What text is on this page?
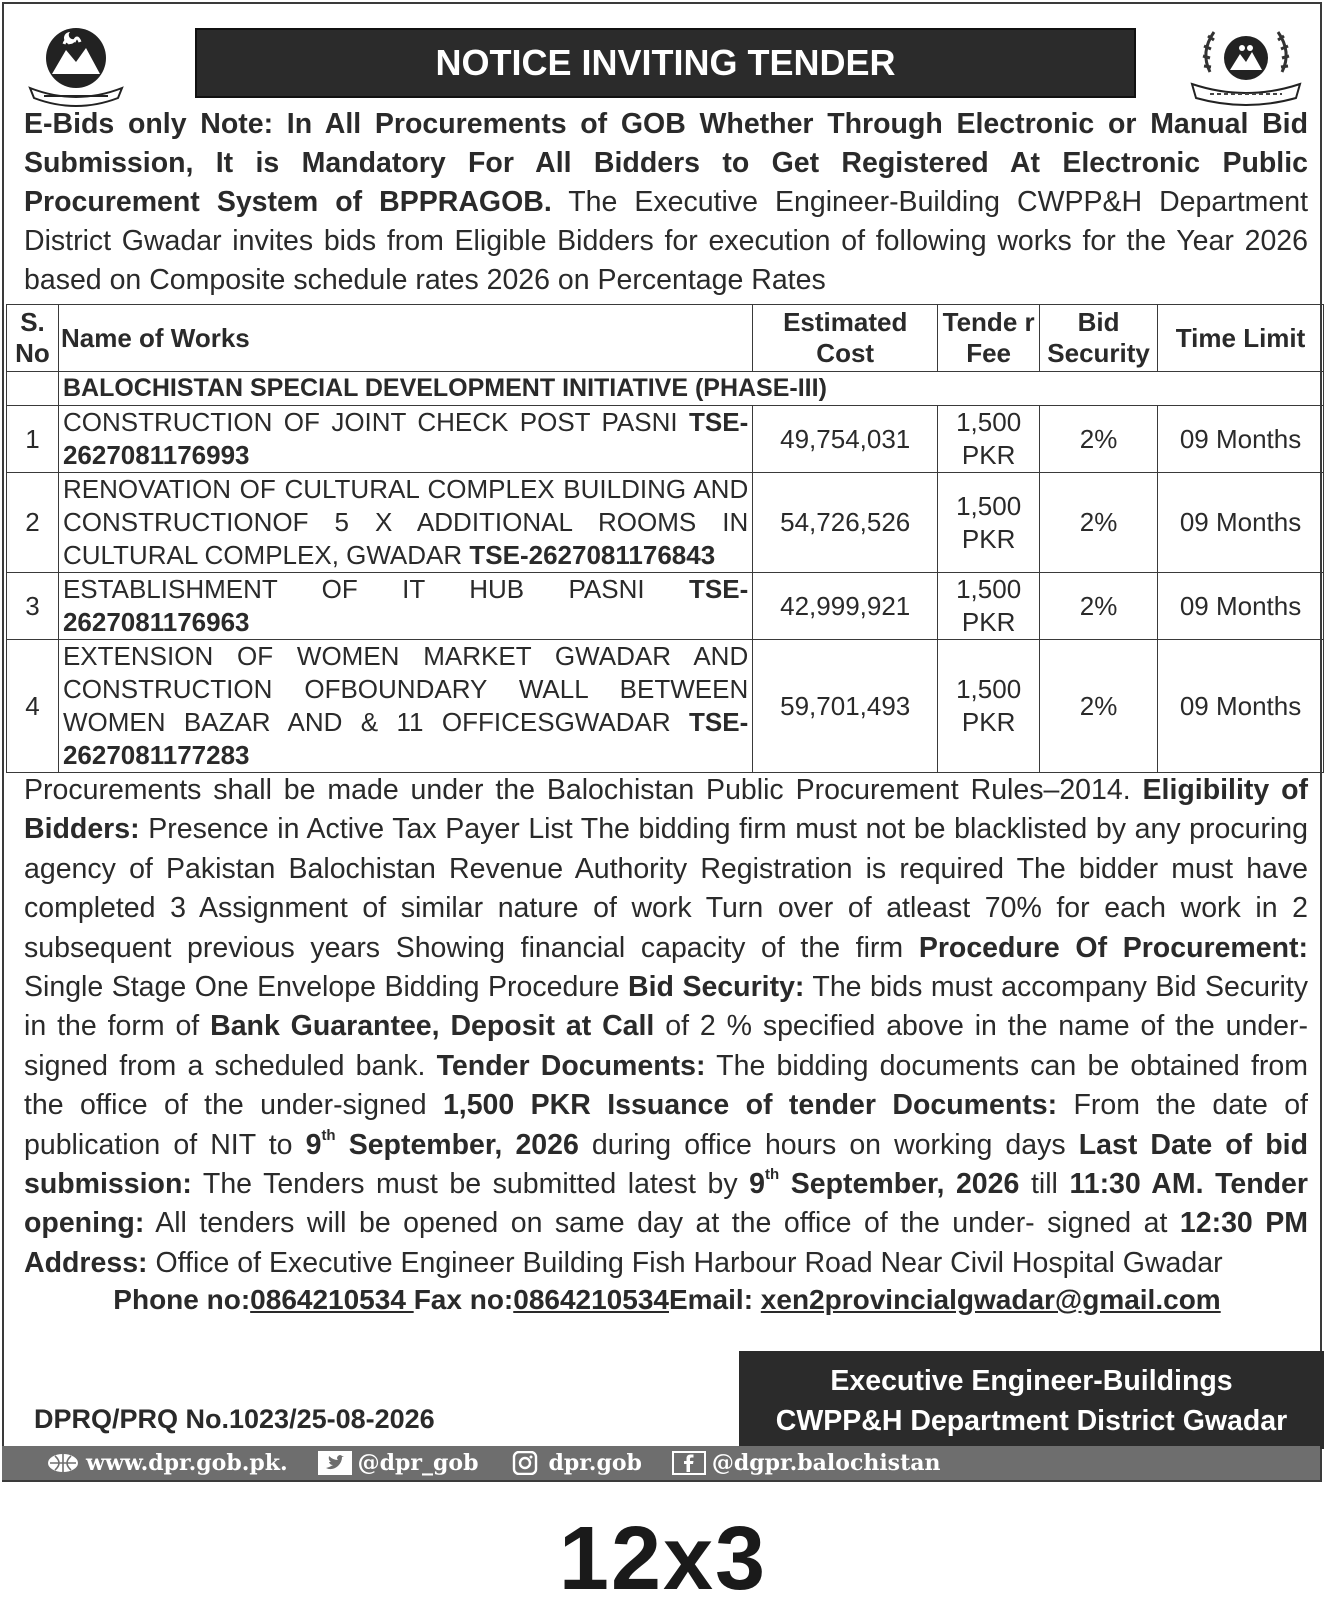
NOTICE INVITING TENDER

E-Bids only Note: In All Procurements of GOB Whether Through Electronic or Manual Bid Submission, It is Mandatory For All Bidders to Get Registered At Electronic Public Procurement System of BPPRAGOB. The Executive Engineer-Building CWPP&H Department District Gwadar invites bids from Eligible Bidders for execution of following works for the Year 2026 based on Composite schedule rates 2026 on Percentage Rates

S. No	Name of Works	Estimated Cost	Tende r Fee	Bid Security	Time Limit
	BALOCHISTAN SPECIAL DEVELOPMENT INITIATIVE (PHASE-III)				
1	CONSTRUCTION OF JOINT CHECK POST PASNI TSE-2627081176993	49,754,031	1,500 PKR	2%	09 Months
2	RENOVATION OF CULTURAL COMPLEX BUILDING AND CONSTRUCTIONOF 5 X ADDITIONAL ROOMS IN CULTURAL COMPLEX, GWADAR TSE-2627081176843	54,726,526	1,500 PKR	2%	09 Months
3	ESTABLISHMENT OF IT HUB PASNI TSE-2627081176963	42,999,921	1,500 PKR	2%	09 Months
4	EXTENSION OF WOMEN MARKET GWADAR AND CONSTRUCTION OFBOUNDARY WALL BETWEEN WOMEN BAZAR AND & 11 OFFICESGWADAR TSE-2627081177283	59,701,493	1,500 PKR	2%	09 Months

Procurements shall be made under the Balochistan Public Procurement Rules–2014. Eligibility of Bidders: Presence in Active Tax Payer List The bidding firm must not be blacklisted by any procuring agency of Pakistan Balochistan Revenue Authority Registration is required The bidder must have completed 3 Assignment of similar nature of work Turn over of atleast 70% for each work in 2 subsequent previous years Showing financial capacity of the firm Procedure Of Procurement: Single Stage One Envelope Bidding Procedure Bid Security: The bids must accompany Bid Security in the form of Bank Guarantee, Deposit at Call of 2 % specified above in the name of the under-signed from a scheduled bank. Tender Documents: The bidding documents can be obtained from the office of the under-signed 1,500 PKR Issuance of tender Documents: From the date of publication of NIT to 9th September, 2026 during office hours on working days Last Date of bid submission: The Tenders must be submitted latest by 9th September, 2026 till 11:30 AM. Tender opening: All tenders will be opened on same day at the office of the under- signed at 12:30 PM Address: Office of Executive Engineer Building Fish Harbour Road Near Civil Hospital Gwadar

Phone no:0864210534 Fax no:0864210534Email: xen2provincialgwadar@gmail.com
Executive Engineer-Buildings
CWPP&H Department District Gwadar
DPRQ/PRQ No.1023/25-08-2026
www.dpr.gob.pk.	@dpr_gob	dpr.gob	@dgpr.balochistan
12x3
